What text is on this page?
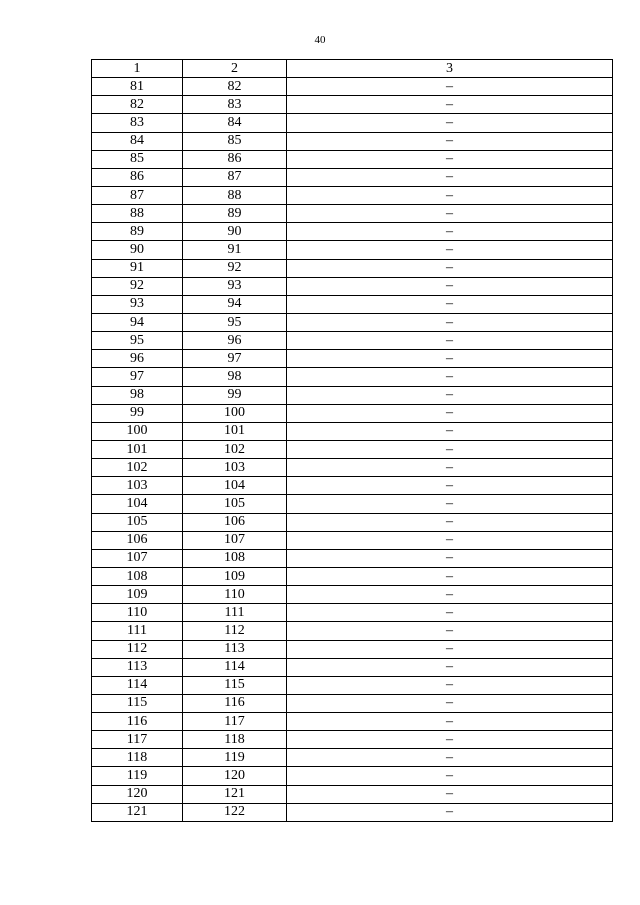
40
1	2	3
81	82	–
82	83	–
83	84	–
84	85	–
85	86	–
86	87	–
87	88	–
88	89	–
89	90	–
90	91	–
91	92	–
92	93	–
93	94	–
94	95	–
95	96	–
96	97	–
97	98	–
98	99	–
99	100	–
100	101	–
101	102	–
102	103	–
103	104	–
104	105	–
105	106	–
106	107	–
107	108	–
108	109	–
109	110	–
110	111	–
111	112	–
112	113	–
113	114	–
114	115	–
115	116	–
116	117	–
117	118	–
118	119	–
119	120	–
120	121	–
121	122	–
